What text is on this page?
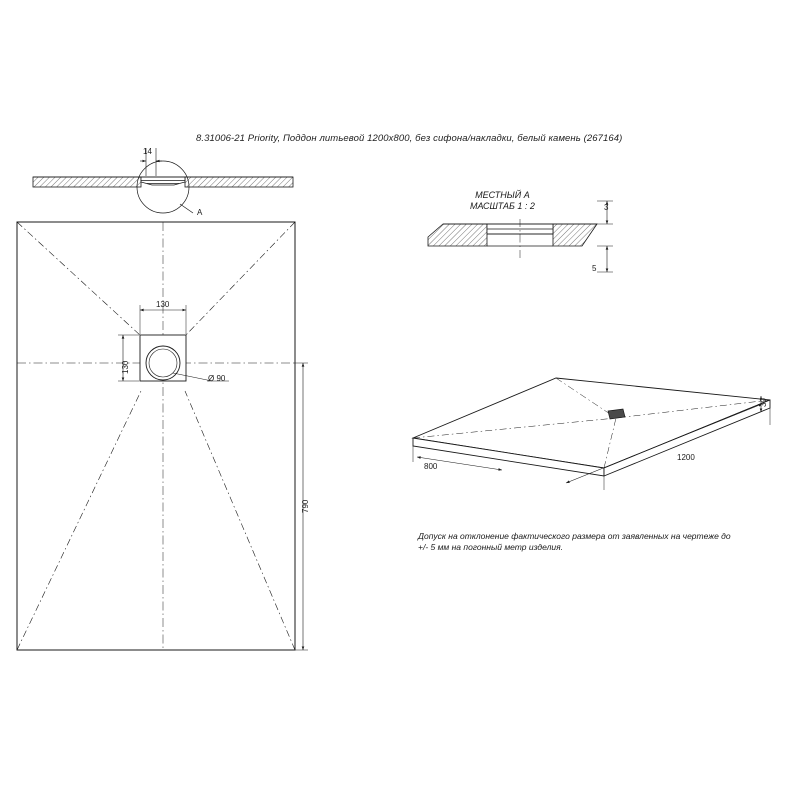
8.31006-21 Priority, Поддон литьевой 1200x800, без сифона/накладки, белый камень (267164)
МЕСТНЫЙ А
МАСШТАБ 1 : 2
Допуск на отклонение фактического размера от заявленных на чертеже до +/- 5 мм на погонный метр изделия.
14
A
130
130
Ø 90
790
3
5
800
1200
30
